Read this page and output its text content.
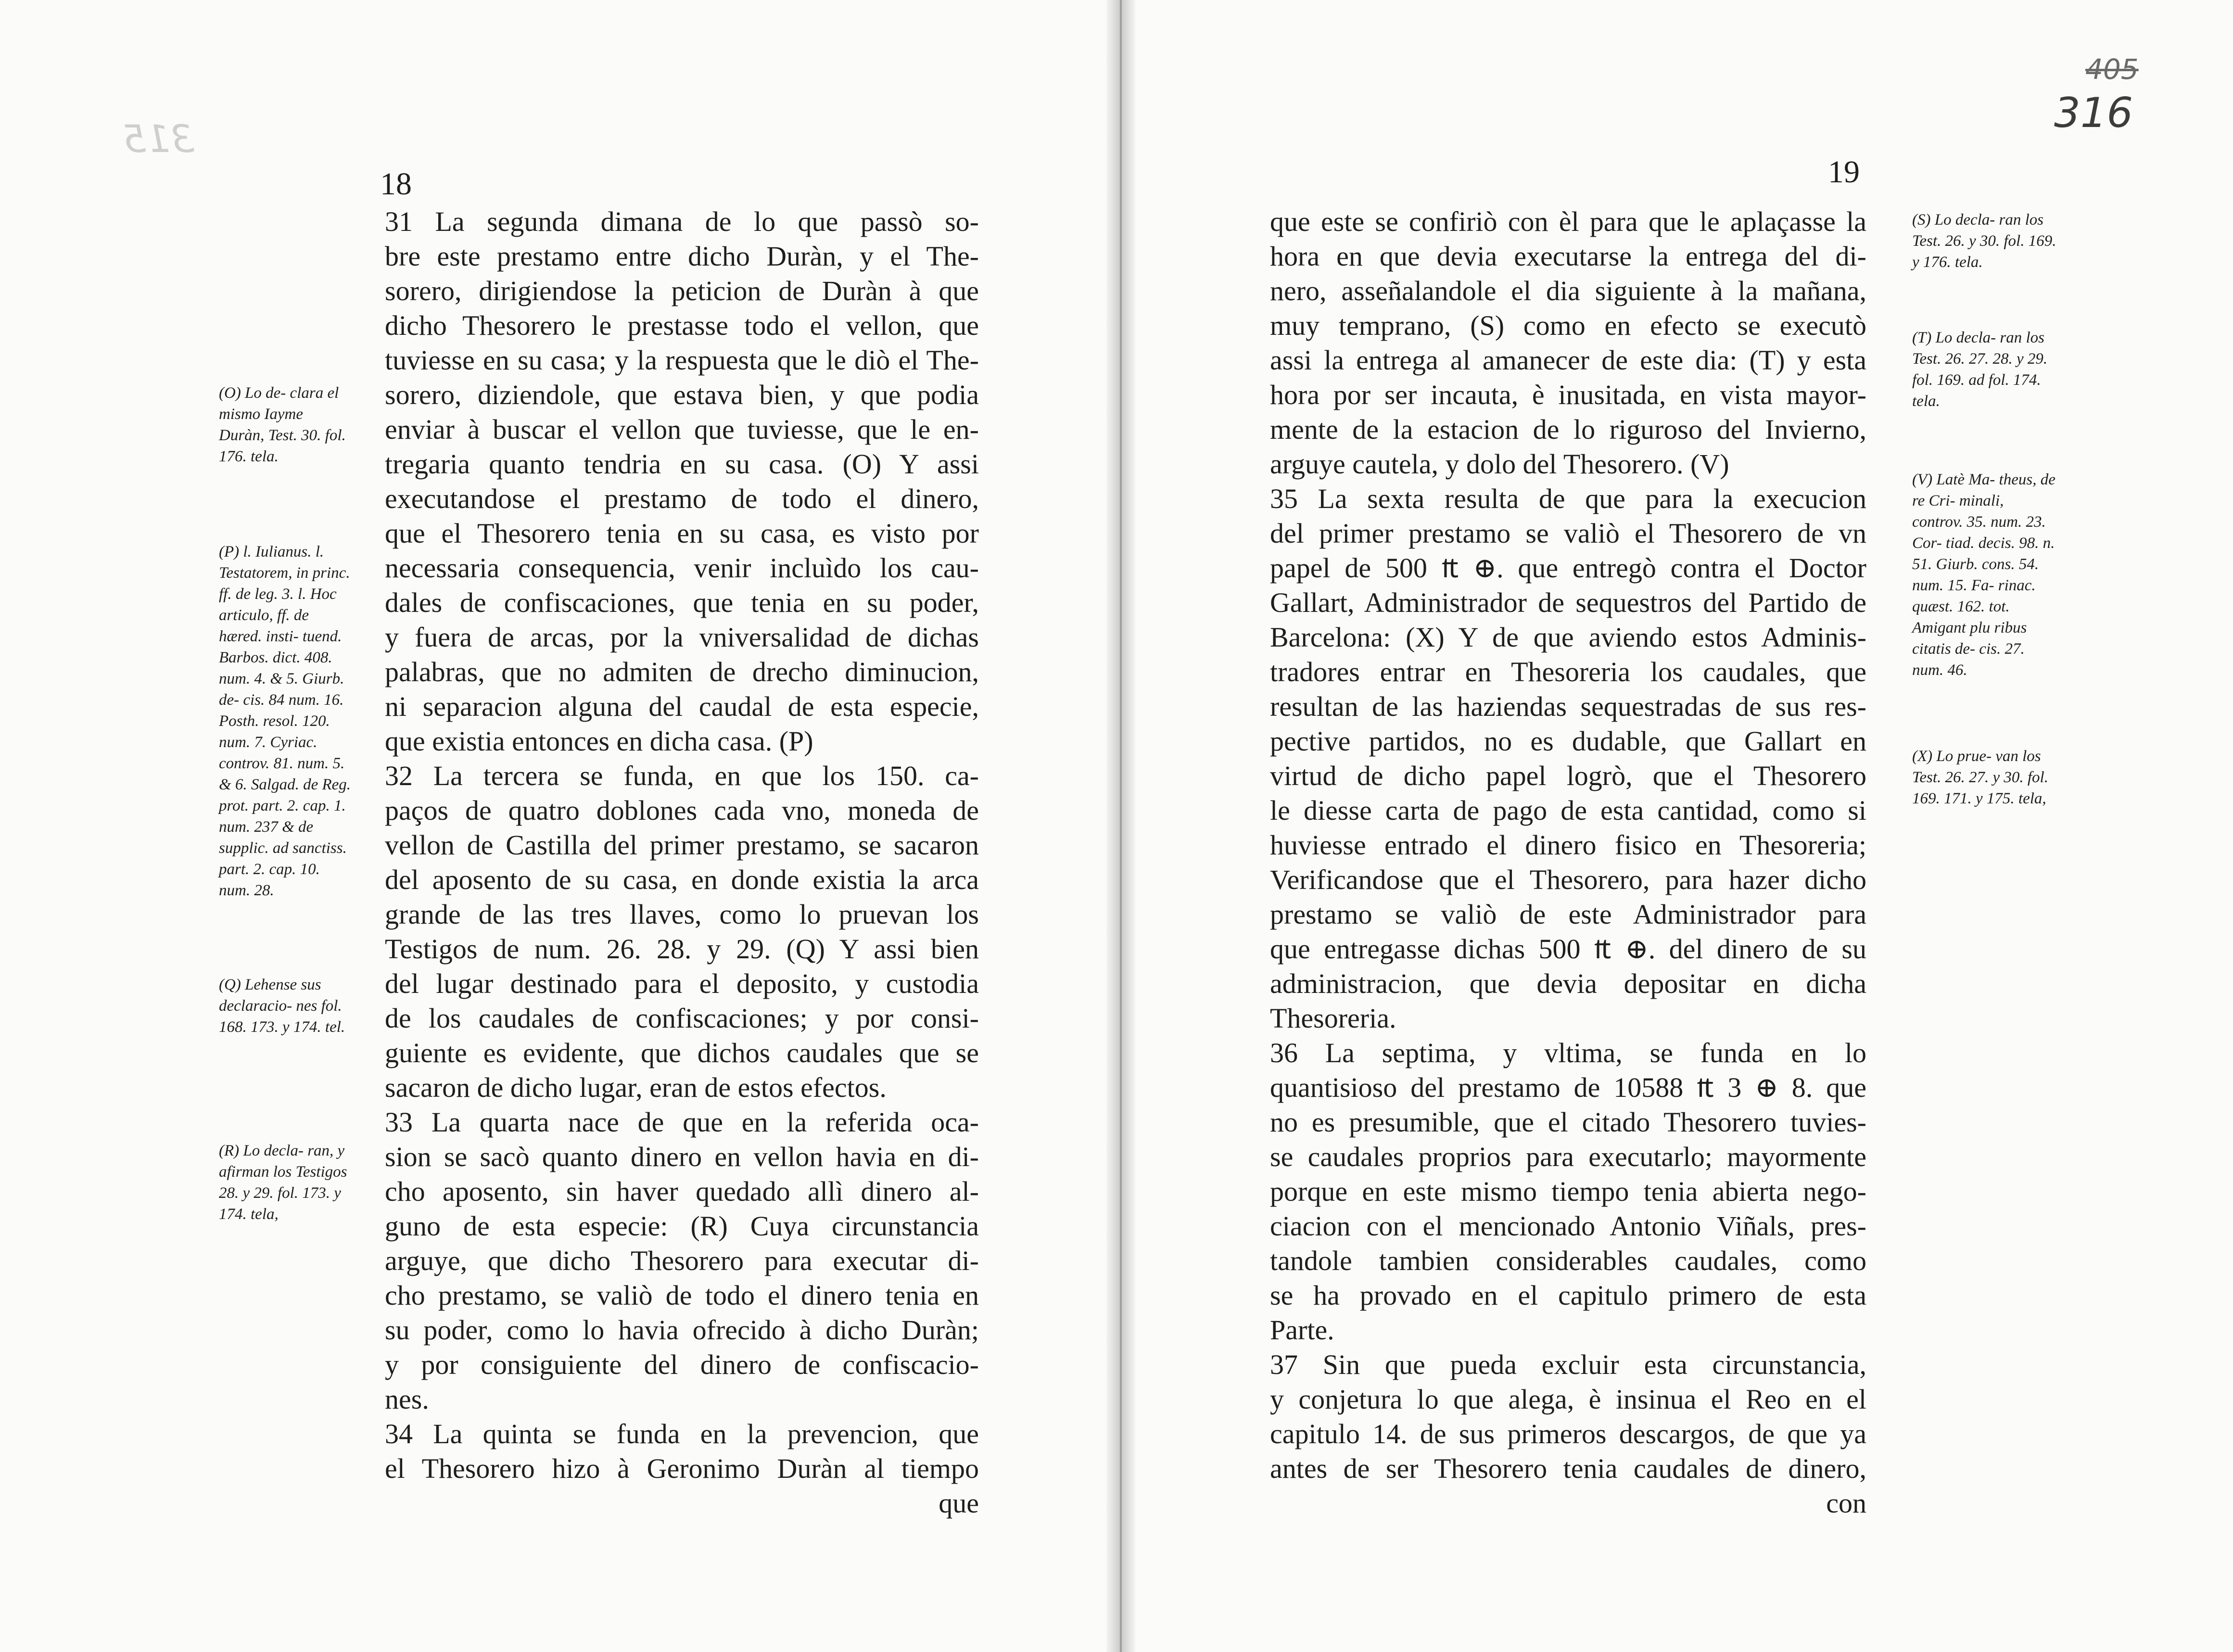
315
405
316
18	19
31 La segunda dimana de lo que passò so-
bre este prestamo entre dicho Duràn, y el The-
sorero, dirigiendose la peticion de Duràn à que
dicho Thesorero le prestasse todo el vellon, que
tuviesse en su casa; y la respuesta que le diò el The-
sorero, diziendole, que estava bien, y que podia
enviar à buscar el vellon que tuviesse, que le en-
tregaria quanto tendria en su casa. (O) Y assi
executandose el prestamo de todo el dinero,
que el Thesorero tenia en su casa, es visto por
necessaria consequencia, venir incluìdo los cau-
dales de confiscaciones, que tenia en su poder,
y fuera de arcas, por la vniversalidad de dichas
palabras, que no admiten de drecho diminucion,
ni separacion alguna del caudal de esta especie,
que existia entonces en dicha casa. (P)
32 La tercera se funda, en que los 150. ca-
paços de quatro doblones cada vno, moneda de
vellon de Castilla del primer prestamo, se sacaron
del aposento de su casa, en donde existia la arca
grande de las tres llaves, como lo pruevan los
Testigos de num. 26. 28. y 29. (Q) Y assi bien
del lugar destinado para el deposito, y custodia
de los caudales de confiscaciones; y por consi-
guiente es evidente, que dichos caudales que se
sacaron de dicho lugar, eran de estos efectos.
33 La quarta nace de que en la referida oca-
sion se sacò quanto dinero en vellon havia en di-
cho aposento, sin haver quedado allì dinero al-
guno de esta especie: (R) Cuya circunstancia
arguye, que dicho Thesorero para executar di-
cho prestamo, se valiò de todo el dinero tenia en
su poder, como lo havia ofrecido à dicho Duràn;
y por consiguiente del dinero de confiscacio-
nes.
34 La quinta se funda en la prevencion, que
el Thesorero hizo à Geronimo Duràn al tiempo
que
(O) Lo de- clara el mismo Iayme Duràn, Test. 30. fol. 176. tela.
(P) l. Iulianus. l. Testatorem, in princ. ff. de leg. 3. l. Hoc articulo, ff. de hæred. insti- tuend. Barbos. dict. 408. num. 4. & 5. Giurb. de- cis. 84 num. 16. Posth. resol. 120. num. 7. Cyriac. controv. 81. num. 5. & 6. Salgad. de Reg. prot. part. 2. cap. 1. num. 237 & de supplic. ad sanctiss. part. 2. cap. 10. num. 28.
(Q) Lehense sus declaracio- nes fol. 168. 173. y 174. tel.
(R) Lo decla- ran, y afirman los Testigos 28. y 29. fol. 173. y 174. tela,
que este se confiriò con èl para que le aplaçasse la
hora en que devia executarse la entrega del di-
nero, asseñalandole el dia siguiente à la mañana,
muy temprano, (S) como en efecto se executò
assi la entrega al amanecer de este dia: (T) y esta
hora por ser incauta, è inusitada, en vista mayor-
mente de la estacion de lo riguroso del Invierno,
arguye cautela, y dolo del Thesorero. (V)
35 La sexta resulta de que para la execucion
del primer prestamo se valiò el Thesorero de vn
papel de 500 ₶ ⊕. que entregò contra el Doctor
Gallart, Administrador de sequestros del Partido de
Barcelona: (X) Y de que aviendo estos Adminis-
tradores entrar en Thesoreria los caudales, que
resultan de las haziendas sequestradas de sus res-
pective partidos, no es dudable, que Gallart en
virtud de dicho papel logrò, que el Thesorero
le diesse carta de pago de esta cantidad, como si
huviesse entrado el dinero fisico en Thesoreria;
Verificandose que el Thesorero, para hazer dicho
prestamo se valiò de este Administrador para
que entregasse dichas 500 ₶ ⊕. del dinero de su
administracion, que devia depositar en dicha
Thesoreria.
36 La septima, y vltima, se funda en lo
quantisioso del prestamo de 10588 ₶ 3 ⊕ 8. que
no es presumible, que el citado Thesorero tuvies-
se caudales proprios para executarlo; mayormente
porque en este mismo tiempo tenia abierta nego-
ciacion con el mencionado Antonio Viñals, pres-
tandole tambien considerables caudales, como
se ha provado en el capitulo primero de esta
Parte.
37 Sin que pueda excluir esta circunstancia,
y conjetura lo que alega, è insinua el Reo en el
capitulo 14. de sus primeros descargos, de que ya
antes de ser Thesorero tenia caudales de dinero,
con
(S) Lo decla- ran los Test. 26. y 30. fol. 169. y 176. tela.
(T) Lo decla- ran los Test. 26. 27. 28. y 29. fol. 169. ad fol. 174. tela.
(V) Latè Ma- theus, de re Cri- minali, controv. 35. num. 23. Cor- tiad. decis. 98. n. 51. Giurb. cons. 54. num. 15. Fa- rinac. quæst. 162. tot. Amigant plu ribus citatis de- cis. 27. num. 46.
(X) Lo prue- van los Test. 26. 27. y 30. fol. 169. 171. y 175. tela,
